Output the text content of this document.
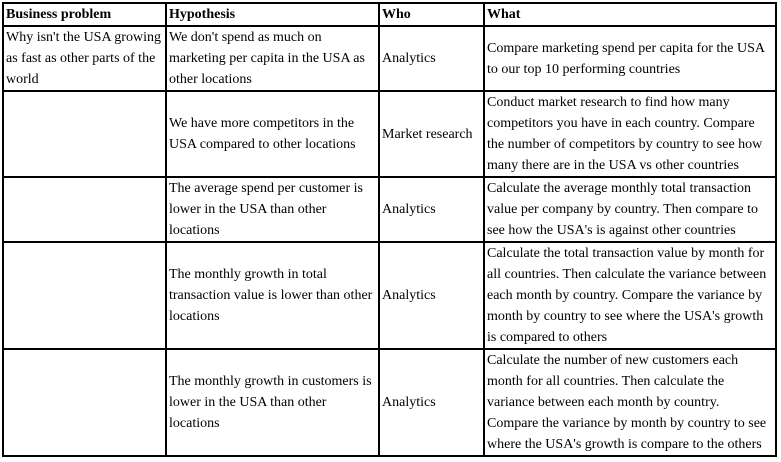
Business problem	Hypothesis	Who	What
Why isn't the USA growing as fast as other parts of the world	We don't spend as much on marketing per capita in the USA as other locations	Analytics	Compare marketing spend per capita for the USA to our top 10 performing countries
	We have more competitors in the USA compared to other locations	Market research	Conduct market research to find how many competitors you have in each country. Compare the number of competitors by country to see how many there are in the USA vs other countries
	The average spend per customer is lower in the USA than other locations	Analytics	Calculate the average monthly total transaction value per company by country. Then compare to see how the USA's is against other countries
	The monthly growth in total transaction value is lower than other locations	Analytics	Calculate the total transaction value by month for all countries. Then calculate the variance between each month by country. Compare the variance by month by country to see where the USA's growth is compared to others
	The monthly growth in customers is lower in the USA than other locations	Analytics	Calculate the number of new customers each month for all countries. Then calculate the variance between each month by country. Compare the variance by month by country to see where the USA's growth is compare to the others
